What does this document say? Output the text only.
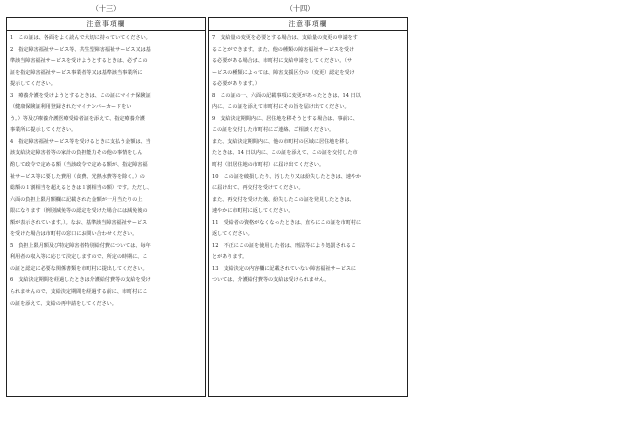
（十三）	（十四）
注意事項欄
1　この証は、各面をよく読んで大切に持っていてください。
2　指定障害福祉サービス等、共生型障害福祉サービス又は基
準該当障害福祉サービスを受けようとするときは、必ずこの
証を指定障害福祉サービス事業者等又は基準該当事業所に
提示してください。
3　療養介護を受けようとするときは、この証にマイナ保険証
（健康保険証利用登録されたマイナンバーカードをい
う。）等及び療養介護医療受給者証を添えて、指定療養介護
事業所に提示してください。
4　指定障害福祉サービス等を受けるときに支払う金額は、当
該支給決定障害者等の家計の負担能力その他の事情をしん
酌して政令で定める額（当該政令で定める額が、指定障害福
祉サービス等に要した費用（食費、光熱水費等を除く。）の
総額の１割相当を超えるときは１割相当の額）です。ただし、
六面の負担上限月額欄に記載された金額が一月当たりの上
限になります（例別減免等の認定を受けた場合には減免後の
額が表示されています。）。なお、基準該当障害福祉サービス
を受けた場合は市町村の窓口にお問い合わせください。
5　負担上限月額及び特定障害者特別給付費については、毎年
利用者の収入等に応じて決定しますので、所定の時期に、こ
の証と認定に必要な関係書類を市町村に提出してください。
6　支給決定期間を経過したときは介護給付費等の支給を受け
られませんので、支給決定期間を経過する前に、市町村にこ
の証を添えて、支給の再申請をしてください。
注意事項欄
7　支給量の変更を必要とする場合は、支給量の変更の申請をす
ることができます。また、他の種類の障害福祉サービスを受け
る必要がある場合は、市町村に支給申請をしてください。（サ
ービスの種類によっては、障害支援区分の（変更）認定を受け
る必要があります。）
8　この証の一、六面の記載事項に変更があったときは、14 日以
内に、この証を添えて市町村にその旨を届け出てください。
9　支給決定期間内に、居住地を移そうとする場合は、事前に、
この証を交付した市町村にご連絡、ご相談ください。
また、支給決定期間内に、他の市町村の区域に居住地を移し
たときは、14 日以内に、この証を添えて、この証を交付した市
町村（旧居住地の市町村）に届け出てください。
10　この証を破損したり、汚したり又は紛失したときは、速やか
に届け出て、再交付を受けてください。
また、再交付を受けた後、紛失したこの証を発見したときは、
速やかに市町村に返してください。
11　受給者の資格がなくなったときは、直ちにこの証を市町村に
返してください。
12　不正にこの証を使用した者は、刑法等により処罰されるこ
とがあります。
13　支給決定の内容欄に記載されていない障害福祉サービスに
ついては、介護給付費等の支給は受けられません。
